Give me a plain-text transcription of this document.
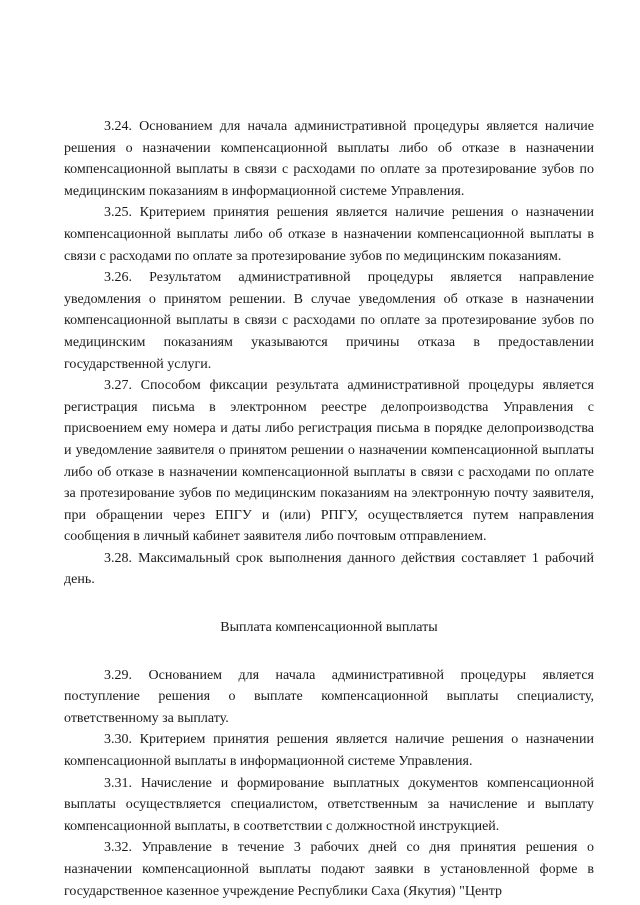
3.24. Основанием для начала административной процедуры является наличие решения о назначении компенсационной выплаты либо об отказе в назначении компенсационной выплаты в связи с расходами по оплате за протезирование зубов по медицинским показаниям в информационной системе Управления.

3.25. Критерием принятия решения является наличие решения о назначении компенсационной выплаты либо об отказе в назначении компенсационной выплаты в связи с расходами по оплате за протезирование зубов по медицинским показаниям.

3.26. Результатом административной процедуры является направление уведомления о принятом решении. В случае уведомления об отказе в назначении компенсационной выплаты в связи с расходами по оплате за протезирование зубов по медицинским показаниям указываются причины отказа в предоставлении государственной услуги.

3.27. Способом фиксации результата административной процедуры является регистрация письма в электронном реестре делопроизводства Управления с присвоением ему номера и даты либо регистрация письма в порядке делопроизводства и уведомление заявителя о принятом решении о назначении компенсационной выплаты либо об отказе в назначении компенсационной выплаты в связи с расходами по оплате за протезирование зубов по медицинским показаниям на электронную почту заявителя, при обращении через ЕПГУ и (или) РПГУ, осуществляется путем направления сообщения в личный кабинет заявителя либо почтовым отправлением.

3.28. Максимальный срок выполнения данного действия составляет 1 рабочий день.

Выплата компенсационной выплаты

3.29. Основанием для начала административной процедуры является поступление решения о выплате компенсационной выплаты специалисту, ответственному за выплату.

3.30. Критерием принятия решения является наличие решения о назначении компенсационной выплаты в информационной системе Управления.

3.31. Начисление и формирование выплатных документов компенсационной выплаты осуществляется специалистом, ответственным за начисление и выплату компенсационной выплаты, в соответствии с должностной инструкцией.

3.32. Управление в течение 3 рабочих дней со дня принятия решения о назначении компенсационной выплаты подают заявки в установленной форме в государственное казенное учреждение Республики Саха (Якутия) "Центр
